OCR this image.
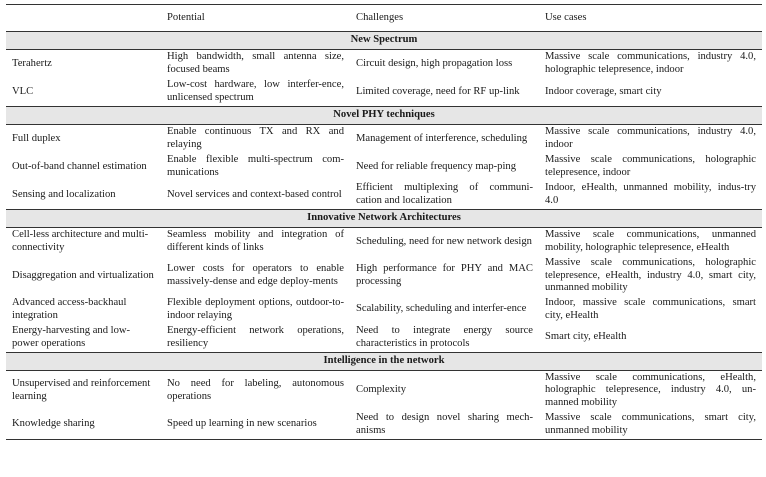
	Potential	Challenges	Use cases
New Spectrum			
Terahertz	High bandwidth, small antenna size, focused beams	Circuit design, high propagation loss	Massive scale communications, industry 4.0, holographic telepresence, indoor
VLC	Low-cost hardware, low interfer-ence, unlicensed spectrum	Limited coverage, need for RF up-link	Indoor coverage, smart city
Novel PHY techniques			
Full duplex	Enable continuous TX and RX and relaying	Management of interference, scheduling	Massive scale communications, industry 4.0, indoor
Out-of-band channel estimation	Enable flexible multi-spectrum com-munications	Need for reliable frequency map-ping	Massive scale communications, holographic telepresence, indoor
Sensing and localization	Novel services and context-based control	Efficient multiplexing of communi-cation and localization	Indoor, eHealth, unmanned mobility, indus-try 4.0
Innovative Network Architectures			
Cell-less architecture and multi-connectivity	Seamless mobility and integration of different kinds of links	Scheduling, need for new network design	Massive scale communications, unmanned mobility, holographic telepresence, eHealth
Disaggregation and virtualization	Lower costs for operators to enable massively-dense and edge deploy-ments	High performance for PHY and MAC processing	Massive scale communications, holographic telepresence, eHealth, industry 4.0, smart city, unmanned mobility
Advanced access-backhaul integration	Flexible deployment options, outdoor-to-indoor relaying	Scalability, scheduling and interfer-ence	Indoor, massive scale communications, smart city, eHealth
Energy-harvesting and low-power operations	Energy-efficient network operations, resiliency	Need to integrate energy source characteristics in protocols	Smart city, eHealth
Intelligence in the network			
Unsupervised and reinforcement learning	No need for labeling, autonomous operations	Complexity	Massive scale communications, eHealth, holographic telepresence, industry 4.0, un-manned mobility
Knowledge sharing	Speed up learning in new scenarios	Need to design novel sharing mech-anisms	Massive scale communications, smart city, unmanned mobility
